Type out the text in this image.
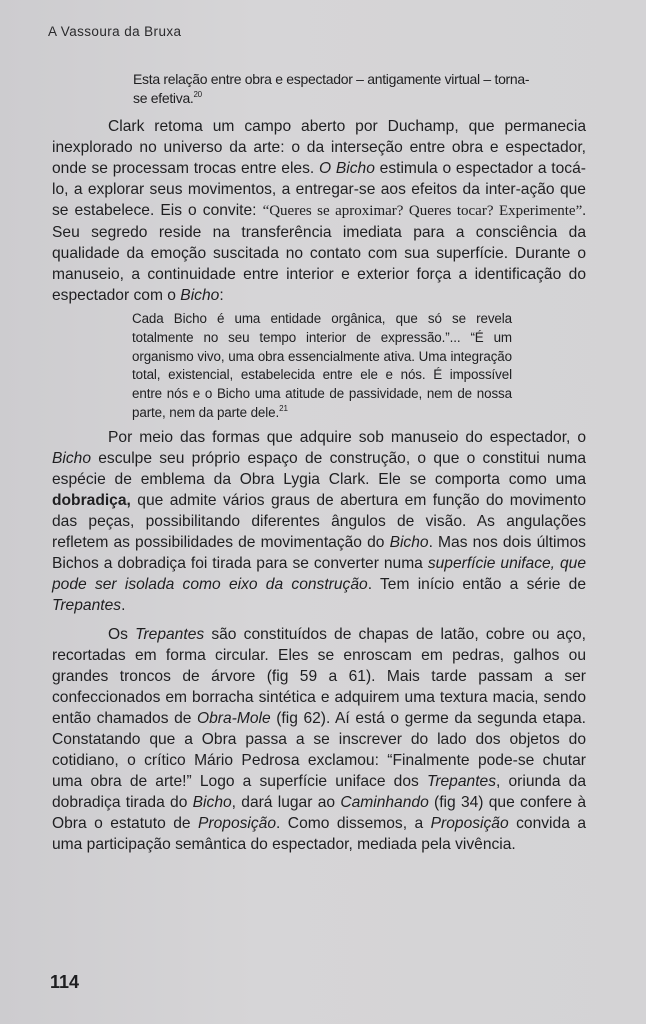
A Vassoura da Bruxa
Esta relação entre obra e espectador – antigamente virtual – torna-se efetiva.$^{20}$

Clark retoma um campo aberto por Duchamp, que permanecia inexplorado no universo da arte: o da interseção entre obra e espectador, onde se processam trocas entre eles. O Bicho estimula o espectador a tocá-lo, a explorar seus movimentos, a entregar-se aos efeitos da inter-ação que se estabelece. Eis o convite: “Queres se aproximar? Queres tocar? Experimente”. Seu segredo reside na transferência imediata para a consciência da qualidade da emoção suscitada no contato com sua superfície. Durante o manuseio, a continuidade entre interior e exterior força a identificação do espectador com o Bicho:

Cada Bicho é uma entidade orgânica, que só se revela totalmente no seu tempo interior de expressão.”... “É um organismo vivo, uma obra essencialmente ativa. Uma integração total, existencial, estabelecida entre ele e nós. É impossível entre nós e o Bicho uma atitude de passividade, nem de nossa parte, nem da parte dele.$^{21}$

Por meio das formas que adquire sob manuseio do espectador, o Bicho esculpe seu próprio espaço de construção, o que o constitui numa espécie de emblema da Obra Lygia Clark. Ele se comporta como uma dobradiça, que admite vários graus de abertura em função do movimento das peças, possibilitando diferentes ângulos de visão. As angulações refletem as possibilidades de movimentação do Bicho. Mas nos dois últimos Bichos a dobradiça foi tirada para se converter numa superfície uniface, que pode ser isolada como eixo da construção. Tem início então a série de Trepantes.

Os Trepantes são constituídos de chapas de latão, cobre ou aço, recortadas em forma circular. Eles se enroscam em pedras, galhos ou grandes troncos de árvore (fig 59 a 61). Mais tarde passam a ser confeccionados em borracha sintética e adquirem uma textura macia, sendo então chamados de Obra-Mole (fig 62). Aí está o germe da segunda etapa. Constatando que a Obra passa a se inscrever do lado dos objetos do cotidiano, o crítico Mário Pedrosa exclamou: “Finalmente pode-se chutar uma obra de arte!” Logo a superfície uniface dos Trepantes, oriunda da dobradiça tirada do Bicho, dará lugar ao Caminhando (fig 34) que confere à Obra o estatuto de Proposição. Como dissemos, a Proposição convida a uma participação semântica do espectador, mediada pela vivência.

114
